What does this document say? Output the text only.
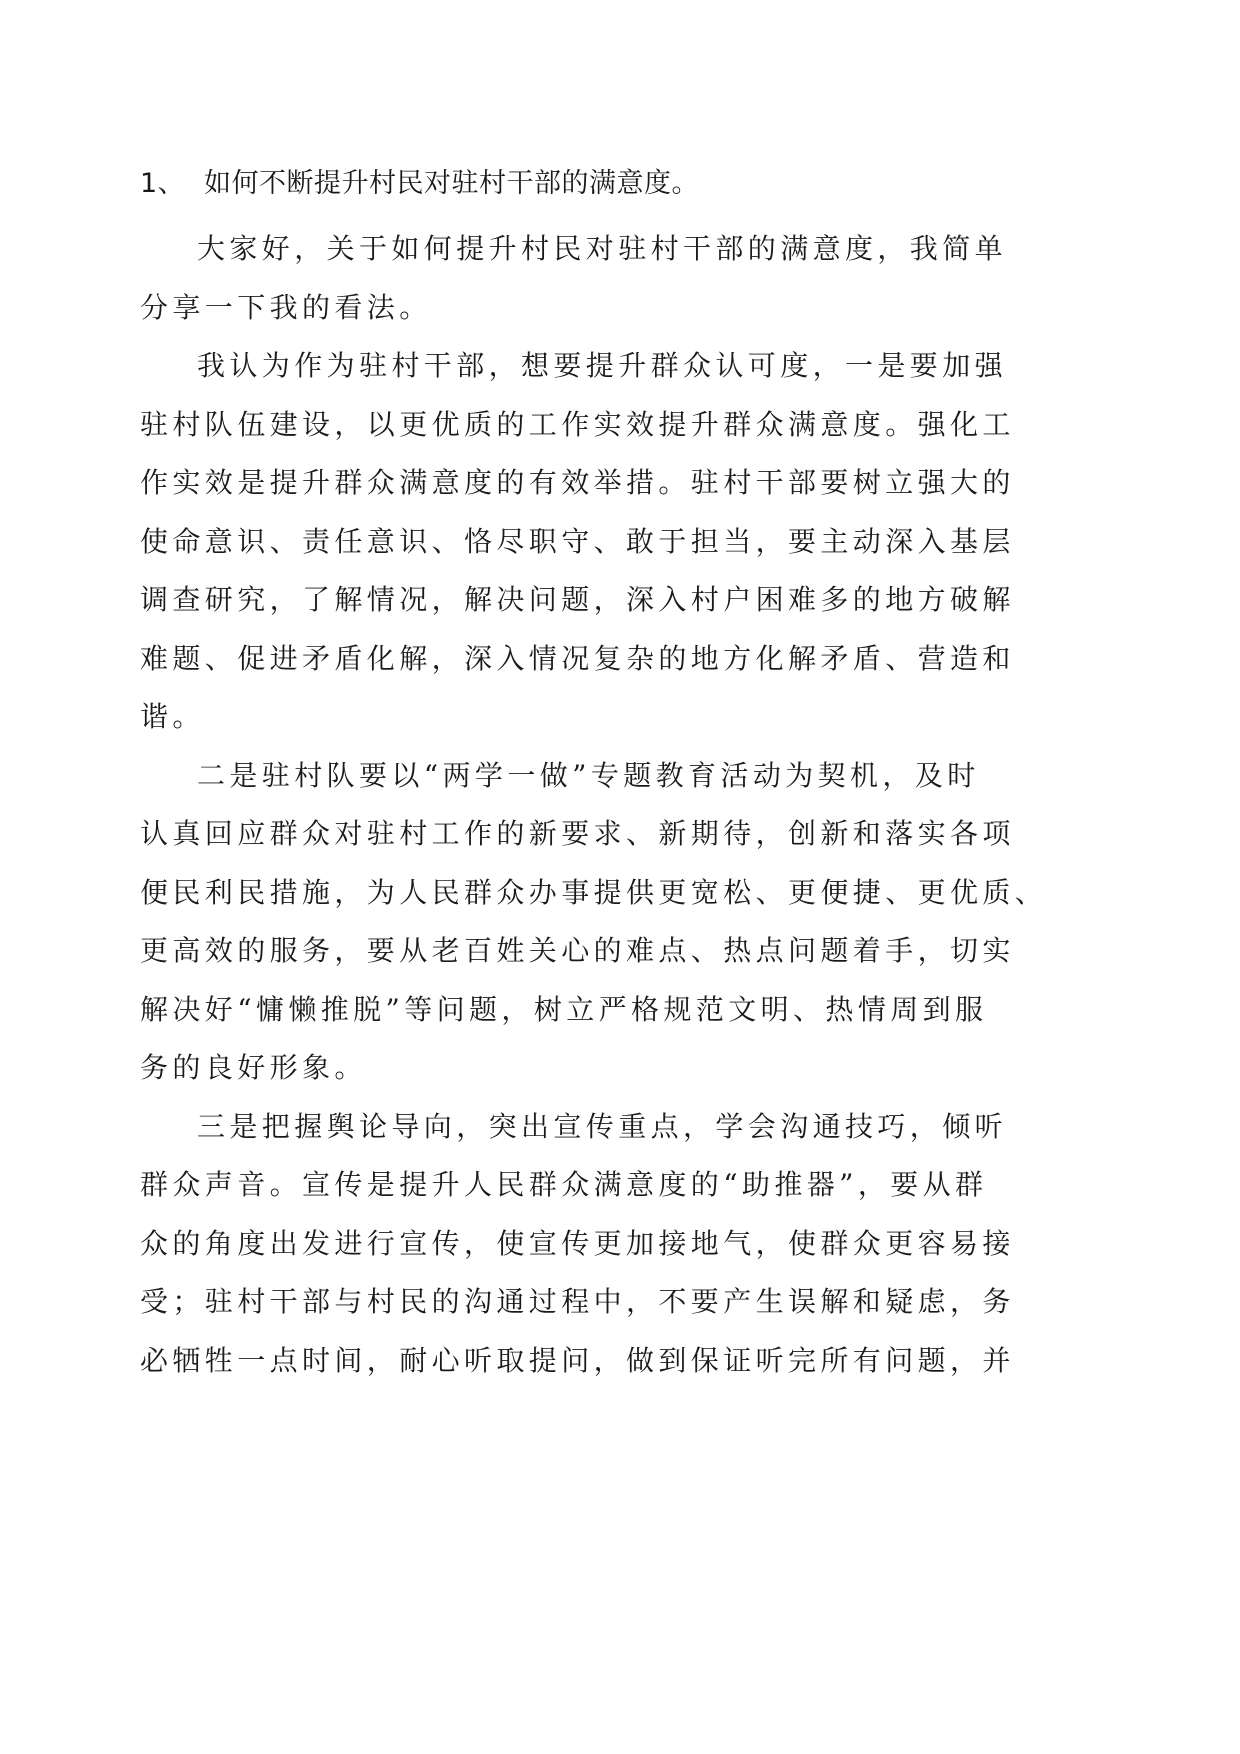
1、 如何不断提升村民对驻村干部的满意度。
大家好，关于如何提升村民对驻村干部的满意度，我简单
分享一下我的看法。
我认为作为驻村干部，想要提升群众认可度，一是要加强
驻村队伍建设，以更优质的工作实效提升群众满意度。强化工
作实效是提升群众满意度的有效举措。驻村干部要树立强大的
使命意识、责任意识、恪尽职守、敢于担当，要主动深入基层
调查研究，了解情况，解决问题，深入村户困难多的地方破解
难题、促进矛盾化解，深入情况复杂的地方化解矛盾、营造和
谐。
二是驻村队要以“两学一做”专题教育活动为契机，及时
认真回应群众对驻村工作的新要求、新期待，创新和落实各项
便民利民措施，为人民群众办事提供更宽松、更便捷、更优质、
更高效的服务，要从老百姓关心的难点、热点问题着手，切实
解决好“慵懒推脱”等问题，树立严格规范文明、热情周到服
务的良好形象。
三是把握舆论导向，突出宣传重点，学会沟通技巧，倾听
群众声音。宣传是提升人民群众满意度的“助推器”，要从群
众的角度出发进行宣传，使宣传更加接地气，使群众更容易接
受；驻村干部与村民的沟通过程中，不要产生误解和疑虑，务
必牺牲一点时间，耐心听取提问，做到保证听完所有问题，并
